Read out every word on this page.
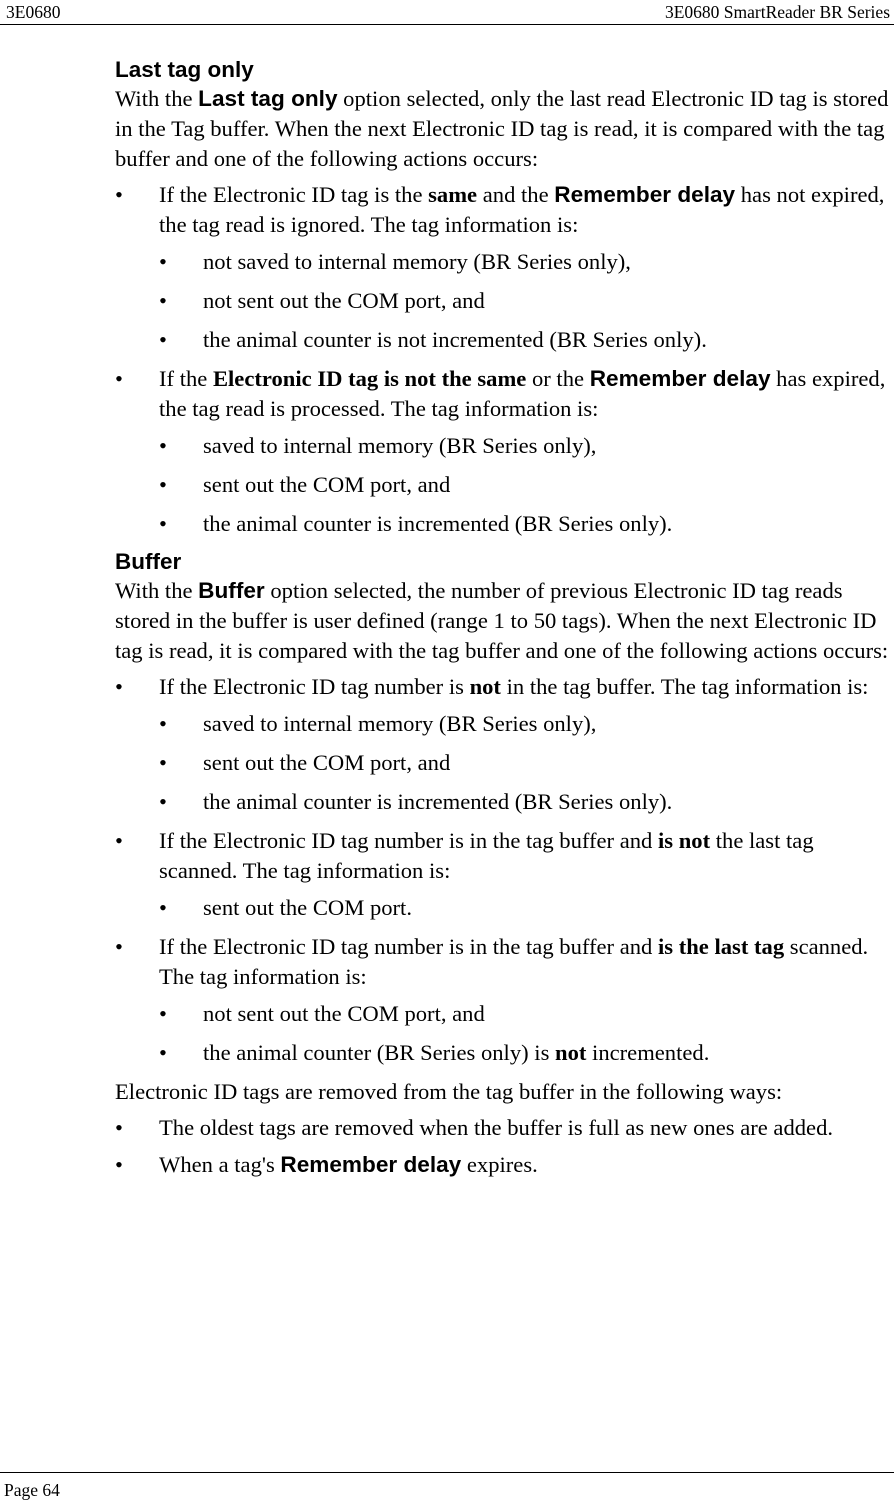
3E0680	3E0680 SmartReader BR Series
Last tag only

With the Last tag only option selected, only the last read Electronic ID tag is stored in the Tag buffer. When the next Electronic ID tag is read, it is compared with the tag buffer and one of the following actions occurs:

• If the Electronic ID tag is the same and the Remember delay has not expired, the tag read is ignored. The tag information is:
• not saved to internal memory (BR Series only),
• not sent out the COM port, and
• the animal counter is not incremented (BR Series only).
• If the Electronic ID tag is not the same or the Remember delay has expired, the tag read is processed. The tag information is:
• saved to internal memory (BR Series only),
• sent out the COM port, and
• the animal counter is incremented (BR Series only).
Buffer

With the Buffer option selected, the number of previous Electronic ID tag reads stored in the buffer is user defined (range 1 to 50 tags). When the next Electronic ID tag is read, it is compared with the tag buffer and one of the following actions occurs:

• If the Electronic ID tag number is not in the tag buffer. The tag information is:
• saved to internal memory (BR Series only),
• sent out the COM port, and
• the animal counter is incremented (BR Series only).
• If the Electronic ID tag number is in the tag buffer and is not the last tag scanned. The tag information is:
• sent out the COM port.
• If the Electronic ID tag number is in the tag buffer and is the last tag scanned. The tag information is:
• not sent out the COM port, and
• the animal counter (BR Series only) is not incremented.

Electronic ID tags are removed from the tag buffer in the following ways:

• The oldest tags are removed when the buffer is full as new ones are added.
• When a tag's Remember delay expires.
Page 64
